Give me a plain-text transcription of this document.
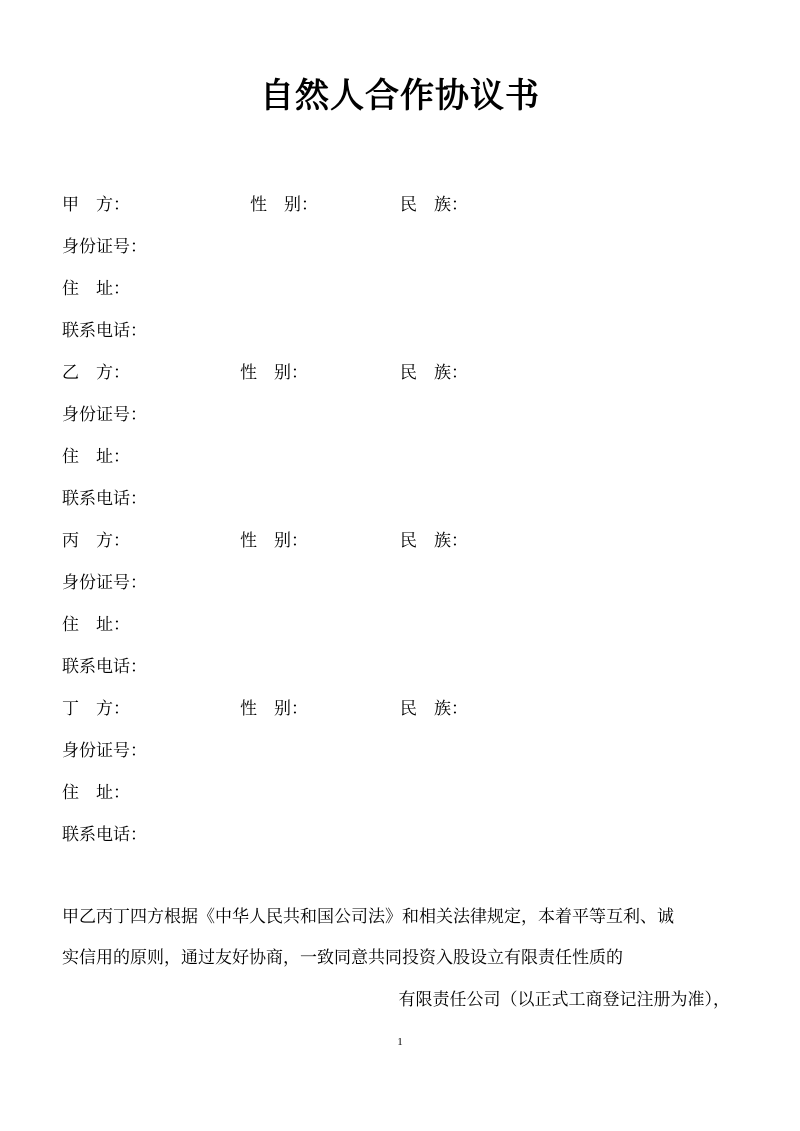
自然人合作协议书
甲　方：	性　别：	民　族：
身份证号：
住　址：
联系电话：
乙　方：	性　别：	民　族：
身份证号：
住　址：
联系电话：
丙　方：	性　别：	民　族：
身份证号：
住　址：
联系电话：
丁　方：	性　别：	民　族：
身份证号：
住　址：
联系电话：
甲乙丙丁四方根据《中华人民共和国公司法》和相关法律规定，本着平等互利、诚
实信用的原则，通过友好协商，一致同意共同投资入股设立有限责任性质的
有限责任公司（以正式工商登记注册为准），
1
